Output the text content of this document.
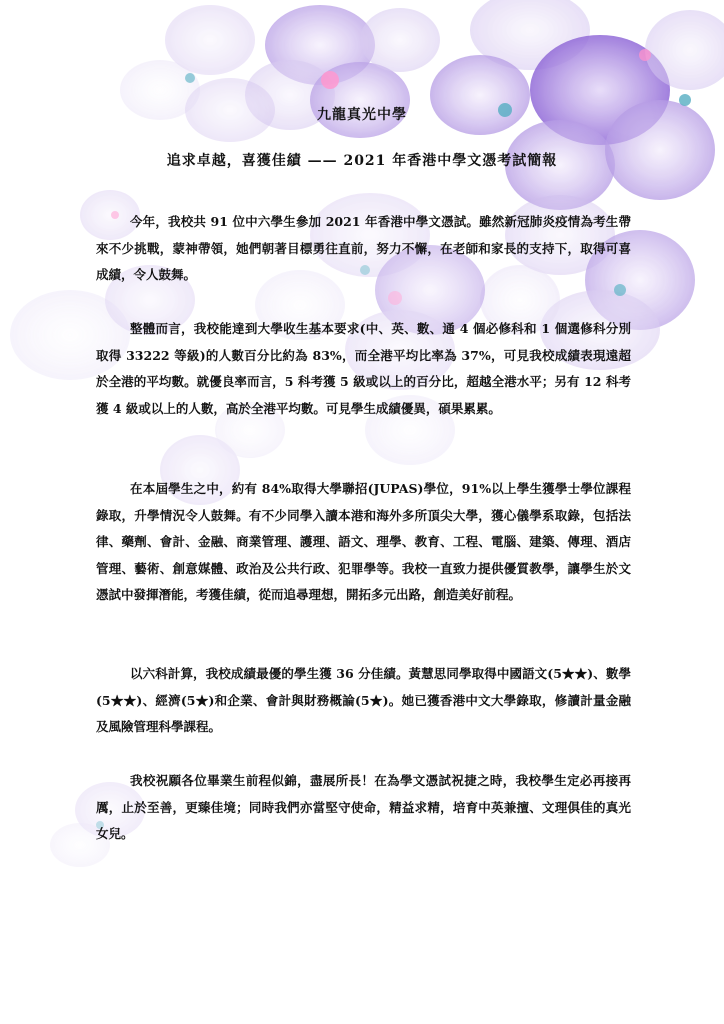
九龍真光中學
追求卓越，喜獲佳績 —— 2021 年香港中學文憑考試簡報

今年，我校共 91 位中六學生參加 2021 年香港中學文憑試。雖然新冠肺炎疫情為考生帶來不少挑戰，蒙神帶領，她們朝著目標勇往直前，努力不懈，在老師和家長的支持下，取得可喜成績，令人鼓舞。

整體而言，我校能達到大學收生基本要求(中、英、數、通 4 個必修科和 1 個選修科分別取得 33222 等級)的人數百分比約為 83%，而全港平均比率為 37%，可見我校成績表現遠超於全港的平均數。就優良率而言，5 科考獲 5 級或以上的百分比，超越全港水平；另有 12 科考獲 4 級或以上的人數，高於全港平均數。可見學生成績優異，碩果累累。

在本屆學生之中，約有 84%取得大學聯招(JUPAS)學位，91%以上學生獲學士學位課程錄取，升學情況令人鼓舞。有不少同學入讀本港和海外多所頂尖大學，獲心儀學系取錄，包括法律、藥劑、會計、金融、商業管理、護理、語文、理學、教育、工程、電腦、建築、傳理、酒店管理、藝術、創意媒體、政治及公共行政、犯罪學等。我校一直致力提供優質教學，讓學生於文憑試中發揮潛能，考獲佳績，從而追尋理想，開拓多元出路，創造美好前程。

以六科計算，我校成績最優的學生獲 36 分佳績。黃慧思同學取得中國語文(5★★)、數學(5★★)、經濟(5★)和企業、會計與財務概論(5★)。她已獲香港中文大學錄取，修讀計量金融及風險管理科學課程。

我校祝願各位畢業生前程似錦，盡展所長！在為學文憑試祝捷之時，我校學生定必再接再厲，止於至善，更臻佳境；同時我們亦當堅守使命，精益求精，培育中英兼擅、文理俱佳的真光女兒。
